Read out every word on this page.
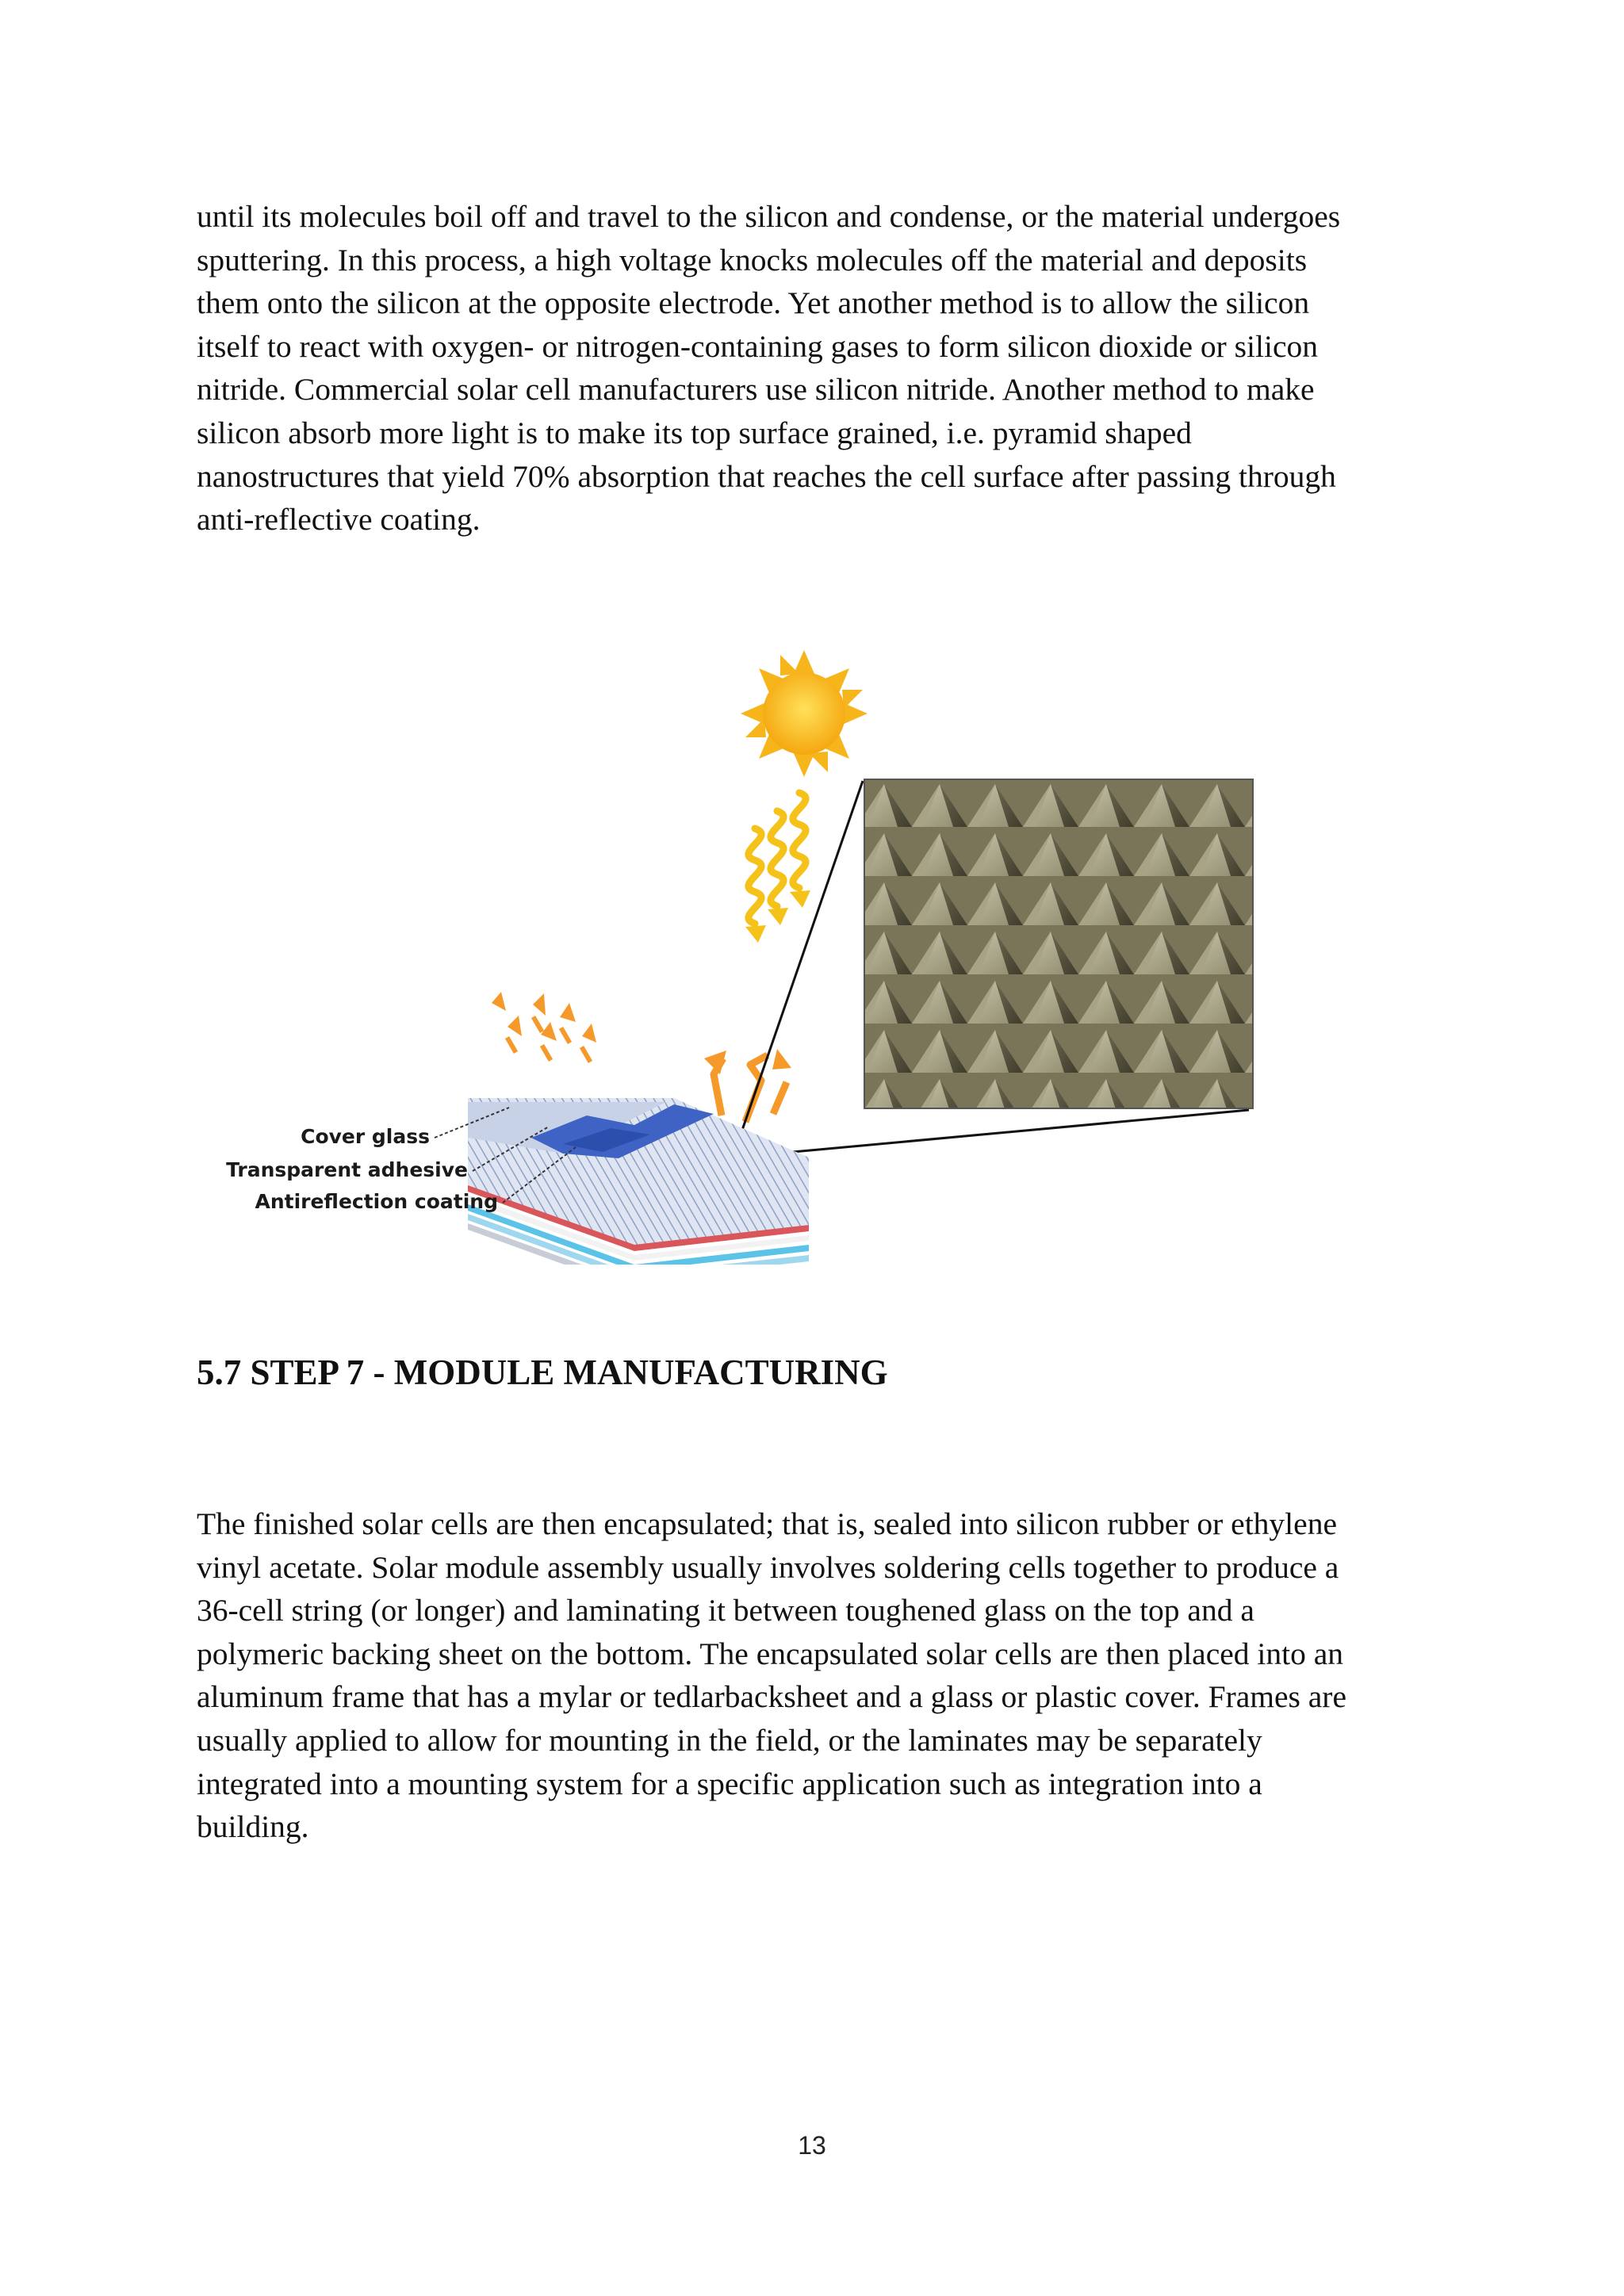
until its molecules boil off and travel to the silicon and condense, or the material undergoes
sputtering. In this process, a high voltage knocks molecules off the material and deposits
them onto the silicon at the opposite electrode. Yet another method is to allow the silicon
itself to react with oxygen- or nitrogen-containing gases to form silicon dioxide or silicon
nitride. Commercial solar cell manufacturers use silicon nitride. Another method to make
silicon absorb more light is to make its top surface grained, i.e. pyramid shaped
nanostructures that yield 70% absorption that reaches the cell surface after passing through
anti-reflective coating.
Cover glass
Transparent adhesive
Antireflection coating
5.7 STEP 7 - MODULE MANUFACTURING
The finished solar cells are then encapsulated; that is, sealed into silicon rubber or ethylene
vinyl acetate. Solar module assembly usually involves soldering cells together to produce a
36-cell string (or longer) and laminating it between toughened glass on the top and a
polymeric backing sheet on the bottom. The encapsulated solar cells are then placed into an
aluminum frame that has a mylar or tedlarbacksheet and a glass or plastic cover. Frames are
usually applied to allow for mounting in the field, or the laminates may be separately
integrated into a mounting system for a specific application such as integration into a
building.
13
